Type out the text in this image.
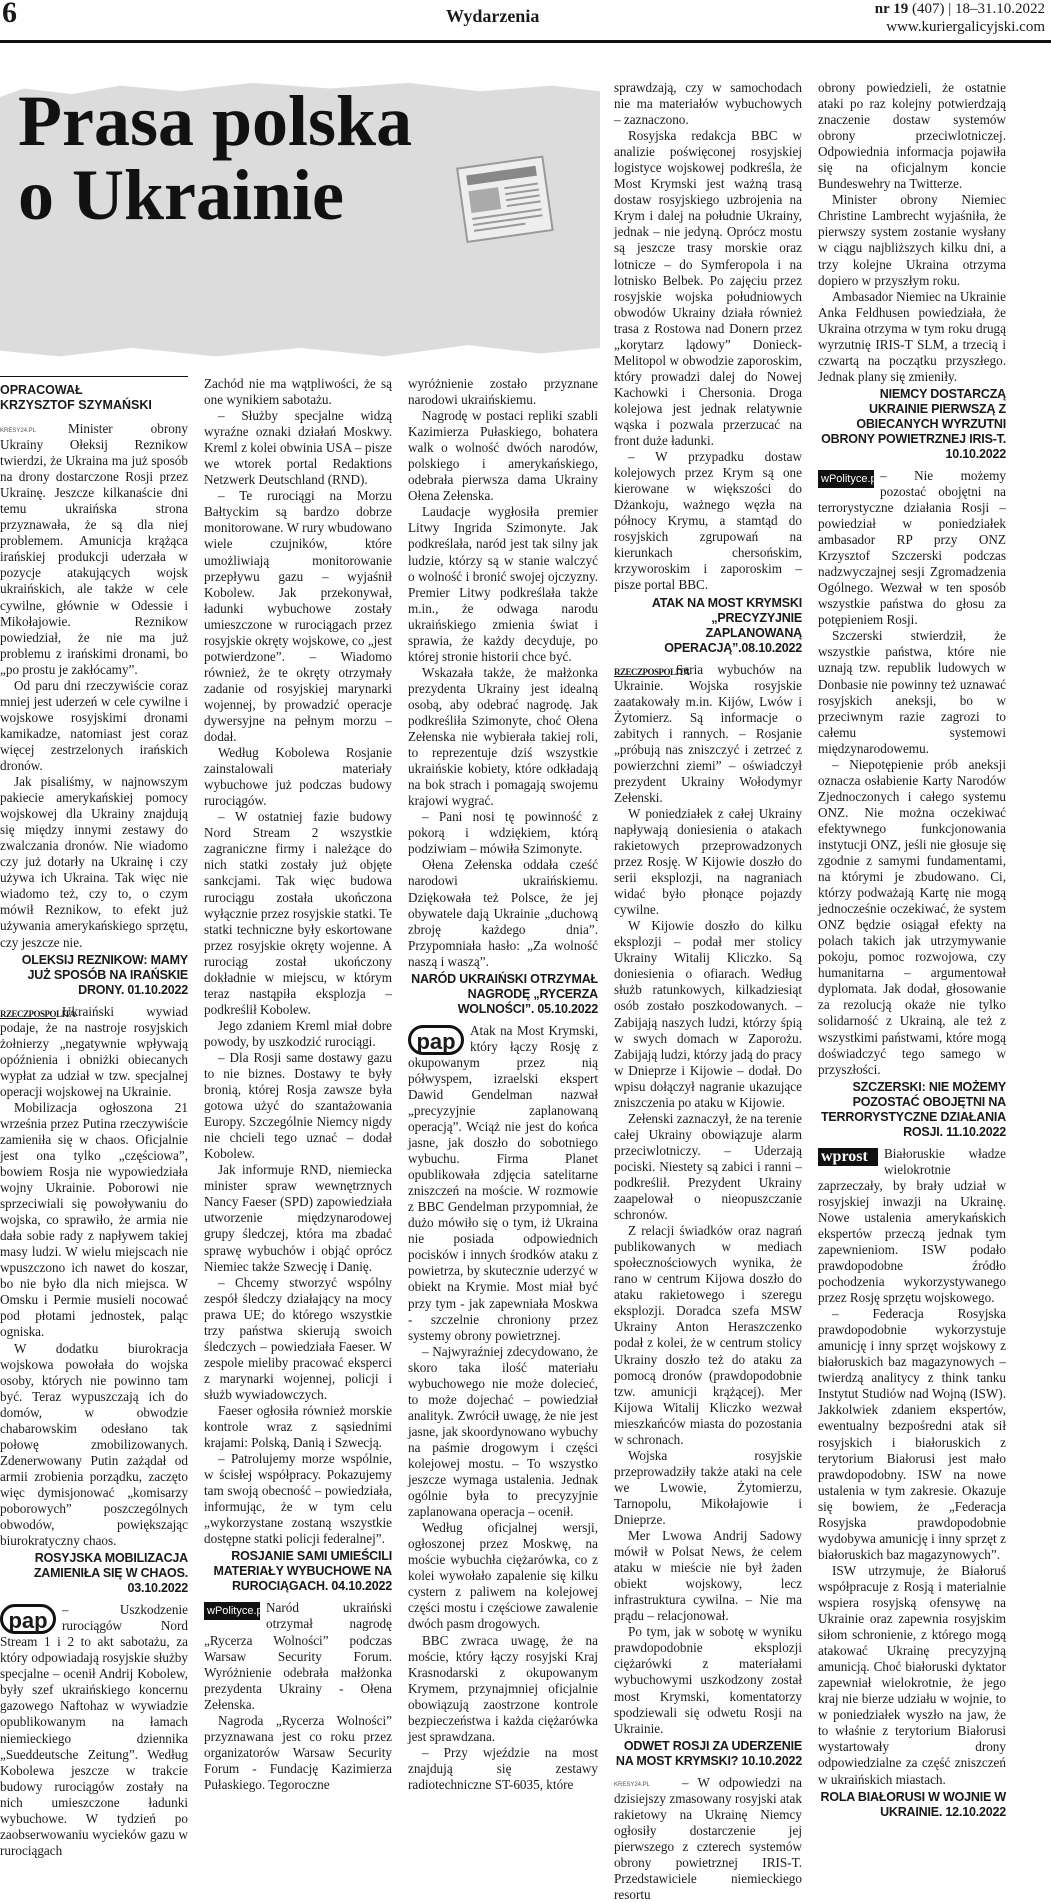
6	Wydarzenia	nr 19 (407) | 18–31.10.2022
www.kuriergalicyjski.com
Prasa polska
o Ukrainie
OPRACOWAŁ
KRZYSZTOF SZYMAŃSKI

KRESY24.PL	Minister obrony Ukrainy Ołeksij Reznikow twierdzi, że Ukraina ma już sposób na drony dostarczone Rosji przez Ukrainę. Jeszcze kilkanaście dni temu ukraińska strona przyznawała, że są dla niej problemem. Amunicja krążąca irańskiej produkcji uderzała w pozycje atakujących wojsk ukraińskich, ale także w cele cywilne, głównie w Odessie i Mikołajowie. Reznikow powiedział, że nie ma już problemu z irańskimi dronami, bo „po prostu je zakłócamy”.

Od paru dni rzeczywiście coraz mniej jest uderzeń w cele cywilne i wojskowe rosyjskimi dronami kamikadze, natomiast jest coraz więcej zestrzelonych irańskich dronów.

Jak pisaliśmy, w najnowszym pakiecie amerykańskiej pomocy wojskowej dla Ukrainy znajdują się między innymi zestawy do zwalczania dronów. Nie wiadomo czy już dotarły na Ukrainę i czy używa ich Ukraina. Tak więc nie wiadomo też, czy to, o czym mówił Reznikow, to efekt już używania amerykańskiego sprzętu, czy jeszcze nie.

OLEKSIJ REZNIKOW: MAMY JUŻ SPOSÓB NA IRAŃSKIE DRONY. 01.10.2022

RZECZPOSPOLITA
Ukraiński wywiad podaje, że na nastroje rosyjskich żołnierzy „negatywnie wpływają opóźnienia i obniżki obiecanych wypłat za udział w tzw. specjalnej operacji wojskowej na Ukrainie.

Mobilizacja ogłoszona 21 września przez Putina rzeczywiście zamieniła się w chaos. Oficjalnie jest ona tylko „częściowa”, bowiem Rosja nie wypowiedziała wojny Ukrainie. Poborowi nie sprzeciwiali się powoływaniu do wojska, co sprawiło, że armia nie dała sobie rady z napływem takiej masy ludzi. W wielu miejscach nie wpuszczono ich nawet do koszar, bo nie było dla nich miejsca. W Omsku i Permie musieli nocować pod płotami jednostek, paląc ogniska.

W dodatku biurokracja wojskowa powołała do wojska osoby, których nie powinno tam być. Teraz wypuszczają ich do domów, w obwodzie chabarowskim odesłano tak połowę zmobilizowanych. Zdenerwowany Putin zażądał od armii zrobienia porządku, zaczęto więc dymisjonować „komisarzy poborowych” poszczególnych obwodów, powiększając biurokratyczny chaos.

ROSYJSKA MOBILIZACJA ZAMIENIŁA SIĘ W CHAOS. 03.10.2022

pap	– Uszkodzenie rurociągów Nord Stream 1 i 2 to akt sabotażu, za który odpowiadają rosyjskie służby specjalne – ocenił Andrij Kobolew, były szef ukraińskiego koncernu gazowego Naftohaz w wywiadzie opublikowanym na łamach niemieckiego dziennika „Sueddeutsche Zeitung”. Według Kobolewa jeszcze w trakcie budowy rurociągów zostały na nich umieszczone ładunki wybuchowe. W tydzień po zaobserwowaniu wycieków gazu w rurociągach

Zachód nie ma wątpliwości, że są one wynikiem sabotażu.

– Służby specjalne widzą wyraźne oznaki działań Moskwy. Kreml z kolei obwinia USA – pisze we wtorek portal Redaktions Netzwerk Deutschland (RND).

– Te rurociągi na Morzu Bałtyckim są bardzo dobrze monitorowane. W rury wbudowano wiele czujników, które umożliwiają monitorowanie przepływu gazu – wyjaśnił Kobolew. Jak przekonywał, ładunki wybuchowe zostały umieszczone w rurociągach przez rosyjskie okręty wojskowe, co „jest potwierdzone”. – Wiadomo również, że te okręty otrzymały zadanie od rosyjskiej marynarki wojennej, by prowadzić operacje dywersyjne na pełnym morzu – dodał.

Według Kobolewa Rosjanie zainstalowali materiały wybuchowe już podczas budowy rurociągów.

– W ostatniej fazie budowy Nord Stream 2 wszystkie zagraniczne firmy i należące do nich statki zostały już objęte sankcjami. Tak więc budowa rurociągu została ukończona wyłącznie przez rosyjskie statki. Te statki techniczne były eskortowane przez rosyjskie okręty wojenne. A rurociąg został ukończony dokładnie w miejscu, w którym teraz nastąpiła eksplozja – podkreślił Kobolew.

Jego zdaniem Kreml miał dobre powody, by uszkodzić rurociągi.

– Dla Rosji same dostawy gazu to nie biznes. Dostawy te były bronią, której Rosja zawsze była gotowa użyć do szantażowania Europy. Szczególnie Niemcy nigdy nie chcieli tego uznać – dodał Kobolew.

Jak informuje RND, niemiecka minister spraw wewnętrznych Nancy Faeser (SPD) zapowiedziała utworzenie międzynarodowej grupy śledczej, która ma zbadać sprawę wybuchów i objąć oprócz Niemiec także Szwecję i Danię.

– Chcemy stworzyć wspólny zespół śledczy działający na mocy prawa UE; do którego wszystkie trzy państwa skierują swoich śledczych – powiedziała Faeser. W zespole mieliby pracować eksperci z marynarki wojennej, policji i służb wywiadowczych.

Faeser ogłosiła również morskie kontrole wraz z sąsiednimi krajami: Polską, Danią i Szwecją.

– Patrolujemy morze wspólnie, w ścisłej współpracy. Pokazujemy tam swoją obecność – powiedziała, informując, że w tym celu „wykorzystane zostaną wszystkie dostępne statki policji federalnej”.

ROSJANIE SAMI UMIEŚCILI MATERIAŁY WYBUCHOWE NA RUROCIĄGACH. 04.10.2022

wPolityce.pl Naród ukraiński otrzymał nagrodę „Rycerza Wolności” podczas Warsaw Security Forum. Wyróżnienie odebrała małżonka prezydenta Ukrainy - Ołena Zełenska.

Nagroda „Rycerza Wolności” przyznawana jest co roku przez organizatorów Warsaw Security Forum - Fundację Kazimierza Pułaskiego. Tegoroczne

wyróżnienie zostało przyznane narodowi ukraińskiemu.

Nagrodę w postaci repliki szabli Kazimierza Pułaskiego, bohatera walk o wolność dwóch narodów, polskiego i amerykańskiego, odebrała pierwsza dama Ukrainy Ołena Zełenska.

Laudacje wygłosiła premier Litwy Ingrida Szimonyte. Jak podkreślała, naród jest tak silny jak ludzie, którzy są w stanie walczyć o wolność i bronić swojej ojczyzny. Premier Litwy podkreślała także m.in., że odwaga narodu ukraińskiego zmienia świat i sprawia, że każdy decyduje, po której stronie historii chce być.

Wskazała także, że małżonka prezydenta Ukrainy jest idealną osobą, aby odebrać nagrodę. Jak podkreśliła Szimonyte, choć Ołena Zełenska nie wybierała takiej roli, to reprezentuje dziś wszystkie ukraińskie kobiety, które odkładają na bok strach i pomagają swojemu krajowi wygrać.

– Pani nosi tę powinność z pokorą i wdziękiem, którą podziwiam – mówiła Szimonyte.

Ołena Zełenska oddała cześć narodowi ukraińskiemu. Dziękowała też Polsce, że jej obywatele dają Ukrainie „duchową zbroję każdego dnia”. Przypomniała hasło: „Za wolność naszą i waszą”.

NARÓD UKRAIŃSKI OTRZYMAŁ NAGRODĘ „RYCERZA WOLNOŚCI”. 05.10.2022

pap	Atak na Most Krymski, który łączy Rosję z okupowanym przez nią półwyspem, izraelski ekspert Dawid Gendelman nazwał „precyzyjnie zaplanowaną operacją”. Wciąż nie jest do końca jasne, jak doszło do sobotniego wybuchu. Firma Planet opublikowała zdjęcia satelitarne zniszczeń na moście. W rozmowie z BBC Gendelman przypomniał, że dużo mówiło się o tym, iż Ukraina nie posiada odpowiednich pocisków i innych środków ataku z powietrza, by skutecznie uderzyć w obiekt na Krymie. Most miał być przy tym - jak zapewniała Moskwa - szczelnie chroniony przez systemy obrony powietrznej.

– Najwyraźniej zdecydowano, że skoro taka ilość materiału wybuchowego nie może dolecieć, to może dojechać – powiedział analityk. Zwrócił uwagę, że nie jest jasne, jak skoordynowano wybuchy na paśmie drogowym i części kolejowej mostu. – To wszystko jeszcze wymaga ustalenia. Jednak ogólnie była to precyzyjnie zaplanowana operacja – ocenił.

Według oficjalnej wersji, ogłoszonej przez Moskwę, na moście wybuchła ciężarówka, co z kolei wywołało zapalenie się kilku cystern z paliwem na kolejowej części mostu i częściowe zawalenie dwóch pasm drogowych.

BBC zwraca uwagę, że na moście, który łączy rosyjski Kraj Krasnodarski z okupowanym Krymem, przynajmniej oficjalnie obowiązują zaostrzone kontrole bezpieczeństwa i każda ciężarówka jest sprawdzana.

– Przy wjeździe na most znajdują się zestawy radiotechniczne ST-6035, które

sprawdzają, czy w samochodach nie ma materiałów wybuchowych – zaznaczono.

Rosyjska redakcja BBC w analizie poświęconej rosyjskiej logistyce wojskowej podkreśla, że Most Krymski jest ważną trasą dostaw rosyjskiego uzbrojenia na Krym i dalej na południe Ukrainy, jednak – nie jedyną. Oprócz mostu są jeszcze trasy morskie oraz lotnicze – do Symferopola i na lotnisko Belbek. Po zajęciu przez rosyjskie wojska południowych obwodów Ukrainy działa również trasa z Rostowa nad Donern przez „korytarz lądowy” Donieck-Melitopol w obwodzie zaporoskim, który prowadzi dalej do Nowej Kachowki i Chersonia. Droga kolejowa jest jednak relatywnie wąska i pozwala przerzucać na front duże ładunki.

– W przypadku dostaw kolejowych przez Krym są one kierowane w większości do Dżankoju, ważnego węzła na północy Krymu, a stamtąd do rosyjskich zgrupowań na kierunkach chersońskim, krzyworoskim i zaporoskim – pisze portal BBC.

ATAK NA MOST KRYMSKI „PRECYZYJNIE ZAPLANOWANĄ OPERACJĄ”.08.10.2022

RZECZPOSPOLITA
Seria wybuchów na Ukrainie. Wojska rosyjskie zaatakowały m.in. Kijów, Lwów i Żytomierz. Są informacje o zabitych i rannych. – Rosjanie „próbują nas zniszczyć i zetrzeć z powierzchni ziemi” – oświadczył prezydent Ukrainy Wołodymyr Zełenski.

W poniedziałek z całej Ukrainy napływają doniesienia o atakach rakietowych przeprowadzonych przez Rosję. W Kijowie doszło do serii eksplozji, na nagraniach widać było płonące pojazdy cywilne.

W Kijowie doszło do kilku eksplozji – podał mer stolicy Ukrainy Witalij Kliczko. Są doniesienia o ofiarach. Według służb ratunkowych, kilkadziesiąt osób zostało poszkodowanych. – Zabijają naszych ludzi, którzy śpią w swych domach w Zaporożu. Zabijają ludzi, którzy jadą do pracy w Dnieprze i Kijowie – dodał. Do wpisu dołączył nagranie ukazujące zniszczenia po ataku w Kijowie.

Zełenski zaznaczył, że na terenie całej Ukrainy obowiązuje alarm przeciwlotniczy. – Uderzają pociski. Niestety są zabici i ranni – podkreślił. Prezydent Ukrainy zaapelował o nieopuszczanie schronów.

Z relacji świadków oraz nagrań publikowanych w mediach społecznościowych wynika, że rano w centrum Kijowa doszło do ataku rakietowego i szeregu eksplozji. Doradca szefa MSW Ukrainy Anton Heraszczenko podał z kolei, że w centrum stolicy Ukrainy doszło też do ataku za pomocą dronów (prawdopodobnie tzw. amunicji krążącej). Mer Kijowa Witalij Kliczko wezwał mieszkańców miasta do pozostania w schronach.

Wojska rosyjskie przeprowadziły także ataki na cele we Lwowie, Żytomierzu, Tarnopolu, Mikołajowie i Dnieprze.

Mer Lwowa Andrij Sadowy mówił w Polsat News, że celem ataku w mieście nie był żaden obiekt wojskowy, lecz infrastruktura cywilna. – Nie ma prądu – relacjonował.

Po tym, jak w sobotę w wyniku prawdopodobnie eksplozji ciężarówki z materiałami wybuchowymi uszkodzony został most Krymski, komentatorzy spodziewali się odwetu Rosji na Ukrainie.

ODWET ROSJI ZA UDERZENIE NA MOST KRYMSKI? 10.10.2022

KRESY24.PL	– W odpowiedzi na dzisiejszy zmasowany rosyjski atak rakietowy na Ukrainę Niemcy ogłosiły dostarczenie jej pierwszego z czterech systemów obrony powietrznej IRIS-T. Przedstawiciele niemieckiego resortu

obrony powiedzieli, że ostatnie ataki po raz kolejny potwierdzają znaczenie dostaw systemów obrony przeciwlotniczej. Odpowiednia informacja pojawiła się na oficjalnym koncie Bundeswehry na Twitterze.

Minister obrony Niemiec Christine Lambrecht wyjaśniła, że pierwszy system zostanie wysłany w ciągu najbliższych kilku dni, a trzy kolejne Ukraina otrzyma dopiero w przyszłym roku.

Ambasador Niemiec na Ukrainie Anka Feldhusen powiedziała, że Ukraina otrzyma w tym roku drugą wyrzutnię IRIS-T SLM, a trzecią i czwartą na początku przyszłego. Jednak plany się zmieniły.

NIEMCY DOSTARCZĄ UKRAINIE PIERWSZĄ Z OBIECANYCH WYRZUTNI OBRONY POWIETRZNEJ IRIS-T. 10.10.2022

wPolityce.pl – Nie możemy pozostać obojętni na terrorystyczne działania Rosji – powiedział w poniedziałek ambasador RP przy ONZ Krzysztof Szczerski podczas nadzwyczajnej sesji Zgromadzenia Ogólnego. Wezwał w ten sposób wszystkie państwa do głosu za potępieniem Rosji.

Szczerski stwierdził, że wszystkie państwa, które nie uznają tzw. republik ludowych w Donbasie nie powinny też uznawać rosyjskich aneksji, bo w przeciwnym razie zagrozi to całemu systemowi międzynarodowemu.

– Niepotępienie prób aneksji oznacza osłabienie Karty Narodów Zjednoczonych i całego systemu ONZ. Nie można oczekiwać efektywnego funkcjonowania instytucji ONZ, jeśli nie głosuje się zgodnie z samymi fundamentami, na którymi je zbudowano. Ci, którzy podważają Kartę nie mogą jednocześnie oczekiwać, że system ONZ będzie osiągał efekty na polach takich jak utrzymywanie pokoju, pomoc rozwojowa, czy humanitarna – argumentował dyplomata. Jak dodał, głosowanie za rezolucją okaże nie tylko solidarność z Ukrainą, ale też z wszystkimi państwami, które mogą doświadczyć tego samego w przyszłości.

SZCZERSKI: NIE MOŻEMY POZOSTAĆ OBOJĘTNI NA TERRORYSTYCZNE DZIAŁANIA ROSJI. 11.10.2022

wprost	Białoruskie władze wielokrotnie zaprzeczały, by brały udział w rosyjskiej inwazji na Ukrainę. Nowe ustalenia amerykańskich ekspertów przeczą jednak tym zapewnieniom. ISW podało prawdopodobne źródło pochodzenia wykorzystywanego przez Rosję sprzętu wojskowego.

– Federacja Rosyjska prawdopodobnie wykorzystuje amunicję i inny sprzęt wojskowy z białoruskich baz magazynowych – twierdzą analitycy z think tanku Instytut Studiów nad Wojną (ISW). Jakkolwiek zdaniem ekspertów, ewentualny bezpośredni atak sił rosyjskich i białoruskich z terytorium Białorusi jest mało prawdopodobny. ISW na nowe ustalenia w tym zakresie. Okazuje się bowiem, że „Federacja Rosyjska prawdopodobnie wydobywa amunicję i inny sprzęt z białoruskich baz magazynowych”.

ISW utrzymuje, że Białoruś współpracuje z Rosją i materialnie wspiera rosyjską ofensywę na Ukrainie oraz zapewnia rosyjskim siłom schronienie, z którego mogą atakować Ukrainę precyzyjną amunicją. Choć białoruski dyktator zapewniał wielokrotnie, że jego kraj nie bierze udziału w wojnie, to w poniedziałek wyszło na jaw, że to właśnie z terytorium Białorusi wystartowały drony odpowiedzialne za część zniszczeń w ukraińskich miastach.

ROLA BIAŁORUSI W WOJNIE W UKRAINIE. 12.10.2022
